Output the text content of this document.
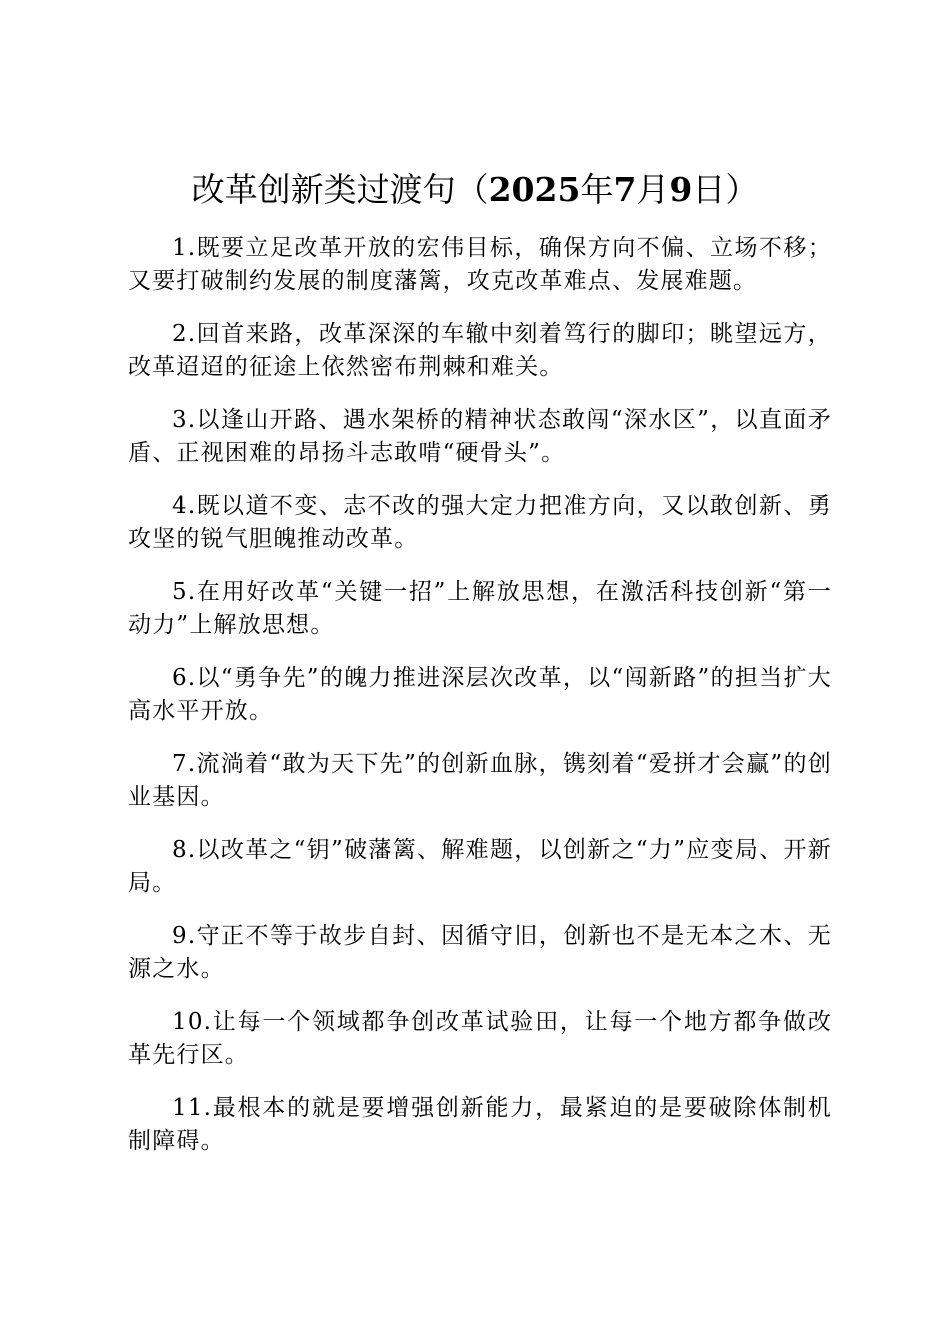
改革创新类过渡句（2025年7月9日）

1.既要立足改革开放的宏伟目标，确保方向不偏、立场不移；又要打破制约发展的制度藩篱，攻克改革难点、发展难题。

2.回首来路，改革深深的车辙中刻着笃行的脚印；眺望远方，改革迢迢的征途上依然密布荆棘和难关。

3.以逢山开路、遇水架桥的精神状态敢闯“深水区”，以直面矛盾、正视困难的昂扬斗志敢啃“硬骨头”。

4.既以道不变、志不改的强大定力把准方向，又以敢创新、勇攻坚的锐气胆魄推动改革。

5.在用好改革“关键一招”上解放思想，在激活科技创新“第一动力”上解放思想。

6.以“勇争先”的魄力推进深层次改革，以“闯新路”的担当扩大高水平开放。

7.流淌着“敢为天下先”的创新血脉，镌刻着“爱拼才会赢”的创业基因。

8.以改革之“钥”破藩篱、解难题，以创新之“力”应变局、开新局。

9.守正不等于故步自封、因循守旧，创新也不是无本之木、无源之水。

10.让每一个领域都争创改革试验田，让每一个地方都争做改革先行区。

11.最根本的就是要增强创新能力，最紧迫的是要破除体制机制障碍。
